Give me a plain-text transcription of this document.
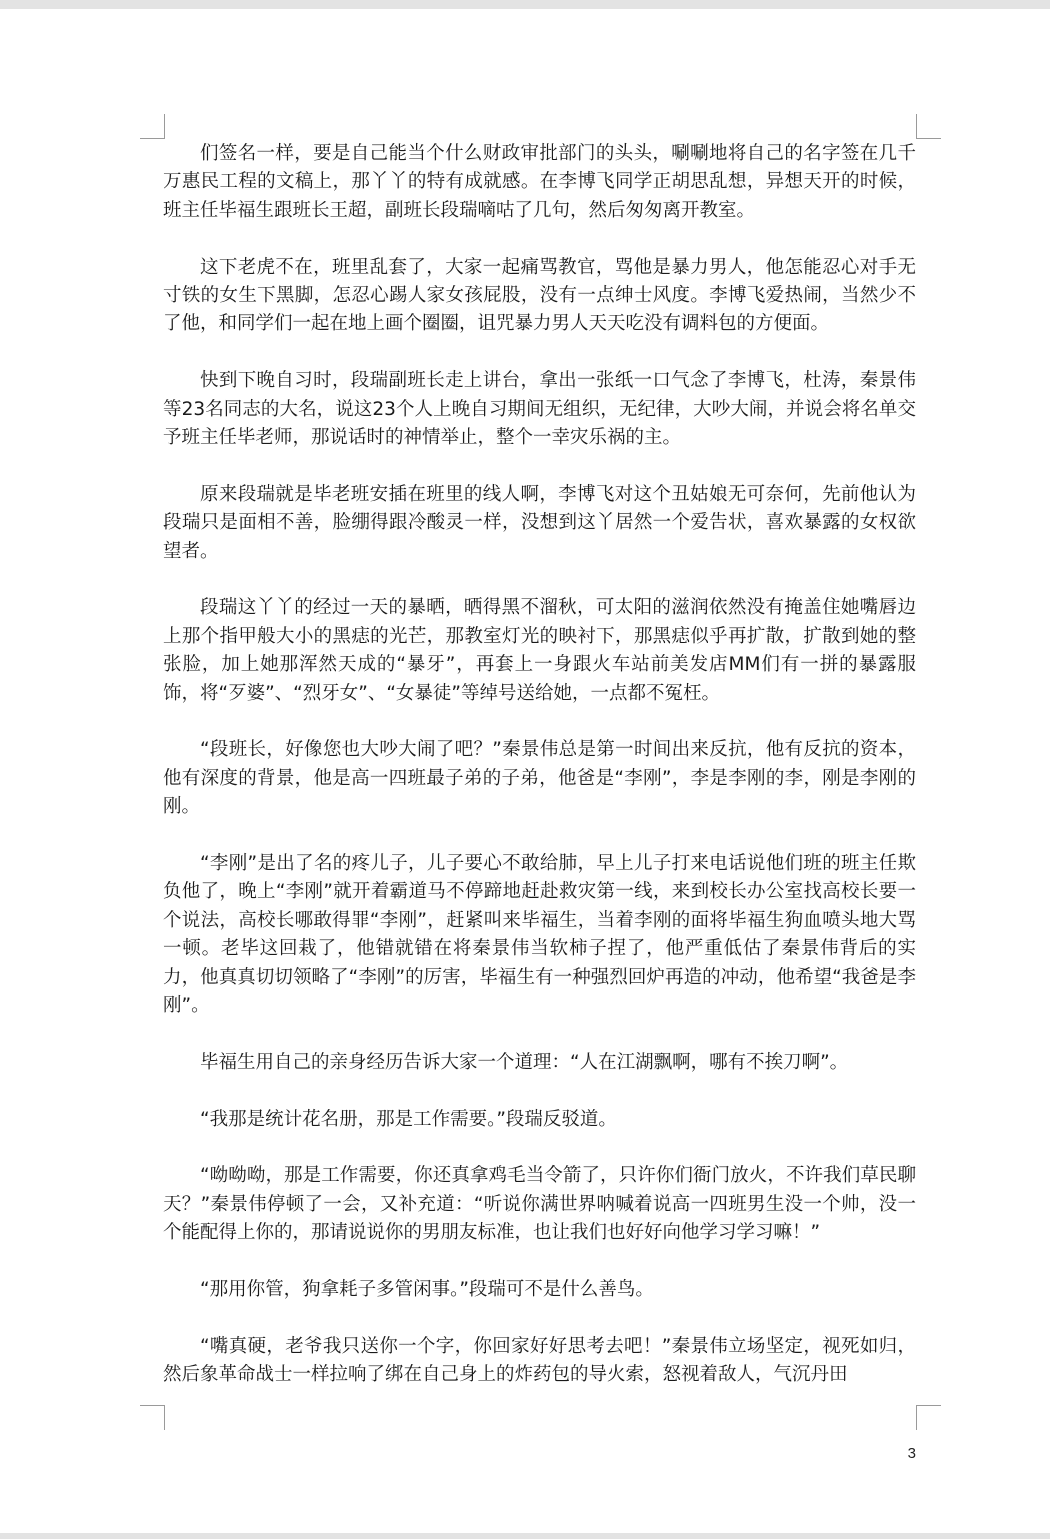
们签名一样，要是自己能当个什么财政审批部门的头头，唰唰地将自己的名字签在几千万惠民工程的文稿上，那丫丫的特有成就感。在李博飞同学正胡思乱想，异想天开的时候，班主任毕福生跟班长王超，副班长段瑞嘀咕了几句，然后匆匆离开教室。

这下老虎不在，班里乱套了，大家一起痛骂教官，骂他是暴力男人，他怎能忍心对手无寸铁的女生下黑脚，怎忍心踢人家女孩屁股，没有一点绅士风度。李博飞爱热闹，当然少不了他，和同学们一起在地上画个圈圈，诅咒暴力男人天天吃没有调料包的方便面。

快到下晚自习时，段瑞副班长走上讲台，拿出一张纸一口气念了李博飞，杜涛，秦景伟等23名同志的大名，说这23个人上晚自习期间无组织，无纪律，大吵大闹，并说会将名单交予班主任毕老师，那说话时的神情举止，整个一幸灾乐祸的主。

原来段瑞就是毕老班安插在班里的线人啊，李博飞对这个丑姑娘无可奈何，先前他认为段瑞只是面相不善，脸绷得跟冷酸灵一样，没想到这丫居然一个爱告状，喜欢暴露的女权欲望者。

段瑞这丫丫的经过一天的暴晒，晒得黑不溜秋，可太阳的滋润依然没有掩盖住她嘴唇边上那个指甲般大小的黑痣的光芒，那教室灯光的映衬下，那黑痣似乎再扩散，扩散到她的整张脸，加上她那浑然天成的“暴牙”，再套上一身跟火车站前美发店MM们有一拼的暴露服饰，将“歹婆”、“烈牙女”、“女暴徒”等绰号送给她，一点都不冤枉。

“段班长，好像您也大吵大闹了吧？”秦景伟总是第一时间出来反抗，他有反抗的资本，他有深度的背景，他是高一四班最子弟的子弟，他爸是“李刚”，李是李刚的李，刚是李刚的刚。

“李刚”是出了名的疼儿子，儿子要心不敢给肺，早上儿子打来电话说他们班的班主任欺负他了，晚上“李刚”就开着霸道马不停蹄地赶赴救灾第一线，来到校长办公室找高校长要一个说法，高校长哪敢得罪“李刚”，赶紧叫来毕福生，当着李刚的面将毕福生狗血喷头地大骂一顿。老毕这回栽了，他错就错在将秦景伟当软柿子捏了，他严重低估了秦景伟背后的实力，他真真切切领略了“李刚”的厉害，毕福生有一种强烈回炉再造的冲动，他希望“我爸是李刚”。

毕福生用自己的亲身经历告诉大家一个道理：“人在江湖飘啊，哪有不挨刀啊”。

“我那是统计花名册，那是工作需要。”段瑞反驳道。

“呦呦呦，那是工作需要，你还真拿鸡毛当令箭了，只许你们衙门放火，不许我们草民聊天？”秦景伟停顿了一会，又补充道：“听说你满世界呐喊着说高一四班男生没一个帅，没一个能配得上你的，那请说说你的男朋友标准，也让我们也好好向他学习学习嘛！”

“那用你管，狗拿耗子多管闲事。”段瑞可不是什么善鸟。

“嘴真硬，老爷我只送你一个字，你回家好好思考去吧！”秦景伟立场坚定，视死如归，然后象革命战士一样拉响了绑在自己身上的炸药包的导火索，怒视着敌人，气沉丹田

3
